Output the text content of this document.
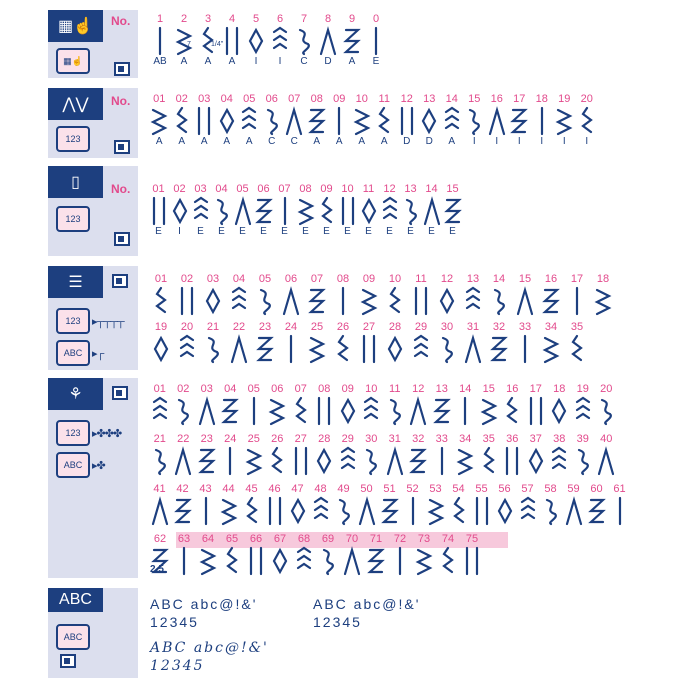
▦☝
▦☝
No. 1
AB
2
7
A
3
1/4"
A
4
A
5
I
6
I
7
C
8
D
9
A
0
E
⋀⋁
123
No. 01
A
02
A
03
A
04
A
05
A
06
C
07
C
08
A
09
A
10
A
11
A
12
D
13
D
14
A
15
I
16
I
17
I
18
I
19
I
20
I
▯
123
No. 01
E
02
I
03
E
04
E
05
E
06
E
07
E
08
E
09
E
10
E
11
E
12
E
13
E
14
E
15
E
☰
123	▸┬┬┬┬
ABC ▸┌
01 02 03 04 05 06 07 08 09 10 11 12 13 14 15 16 17 18
19 20 21 22 23 24 25 26 27 28 29 30 31 32 33 34 35
⚘
123	▸✤✤✤
ABC ▸✤
01 02 03 04 05 06 07 08 09 10 11 12 13 14 15 16 17 18 19 20
21 22 23 24 25 26 27 28 29 30 31 32 33 34 35 36 37 38 39 40
41 42 43 44 45 46 47 48 49 50 51 52 53 54 55 56 57 58 59 60 61
62 63 64 65 66 67 68 69 70 71 72 73 74 75
2.5
ABC
ABC
ABC abc@!&'
12345
ABC abc@!&'
12345
ABC abc@!&'
12345
